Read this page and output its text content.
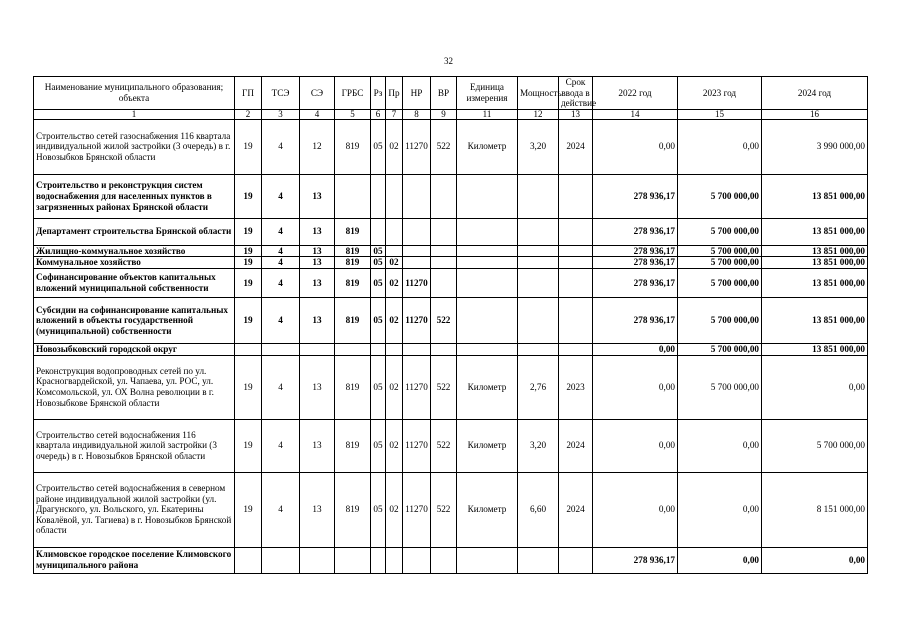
32
Наименование муниципального образования; объекта	ГП	ТСЭ	СЭ	ГРБС	Рз	Пр	НР	ВР	Единица измерения	Мощность	Срок ввода в действие	2022 год	2023 год	2024 год
1	2	3	4	5	6	7	8	9	11	12	13	14	15	16
Строительство сетей газоснабжения 116 квартала индивидуальной жилой застройки (3 очередь) в г. Новозыбков Брянской области	19	4	12	819	05	02	11270	522	Километр	3,20	2024	0,00	0,00	3 990 000,00
Строительство и реконструкция систем водоснабжения для населенных пунктов в загрязненных районах Брянской области	19	4	13									278 936,17	5 700 000,00	13 851 000,00
Департамент строительства Брянской области	19	4	13	819								278 936,17	5 700 000,00	13 851 000,00
Жилищно-коммунальное хозяйство	19	4	13	819	05							278 936,17	5 700 000,00	13 851 000,00
Коммунальное хозяйство	19	4	13	819	05	02						278 936,17	5 700 000,00	13 851 000,00
Софинансирование объектов капитальных вложений муниципальной собственности	19	4	13	819	05	02	11270					278 936,17	5 700 000,00	13 851 000,00
Субсидии на софинансирование капитальных вложений в объекты государственной (муниципальной) собственности	19	4	13	819	05	02	11270	522				278 936,17	5 700 000,00	13 851 000,00
Новозыбковский городской округ												0,00	5 700 000,00	13 851 000,00
Реконструкция водопроводных сетей по ул. Красногвардейской, ул. Чапаева, ул. РОС, ул. Комсомольской, ул. ОХ Волна революции в г. Новозыбкове Брянской области	19	4	13	819	05	02	11270	522	Километр	2,76	2023	0,00	5 700 000,00	0,00
Строительство сетей водоснабжения 116 квартала индивидуальной жилой застройки (3 очередь) в г. Новозыбков Брянской области	19	4	13	819	05	02	11270	522	Километр	3,20	2024	0,00	0,00	5 700 000,00
Строительство сетей водоснабжения в северном районе индивидуальной жилой застройки (ул. Драгунского, ул. Вольского, ул. Екатерины Ковалёвой, ул. Тагиева) в г. Новозыбков Брянской области	19	4	13	819	05	02	11270	522	Километр	6,60	2024	0,00	0,00	8 151 000,00
Климовское городское поселение Климовского муниципального района												278 936,17	0,00	0,00
